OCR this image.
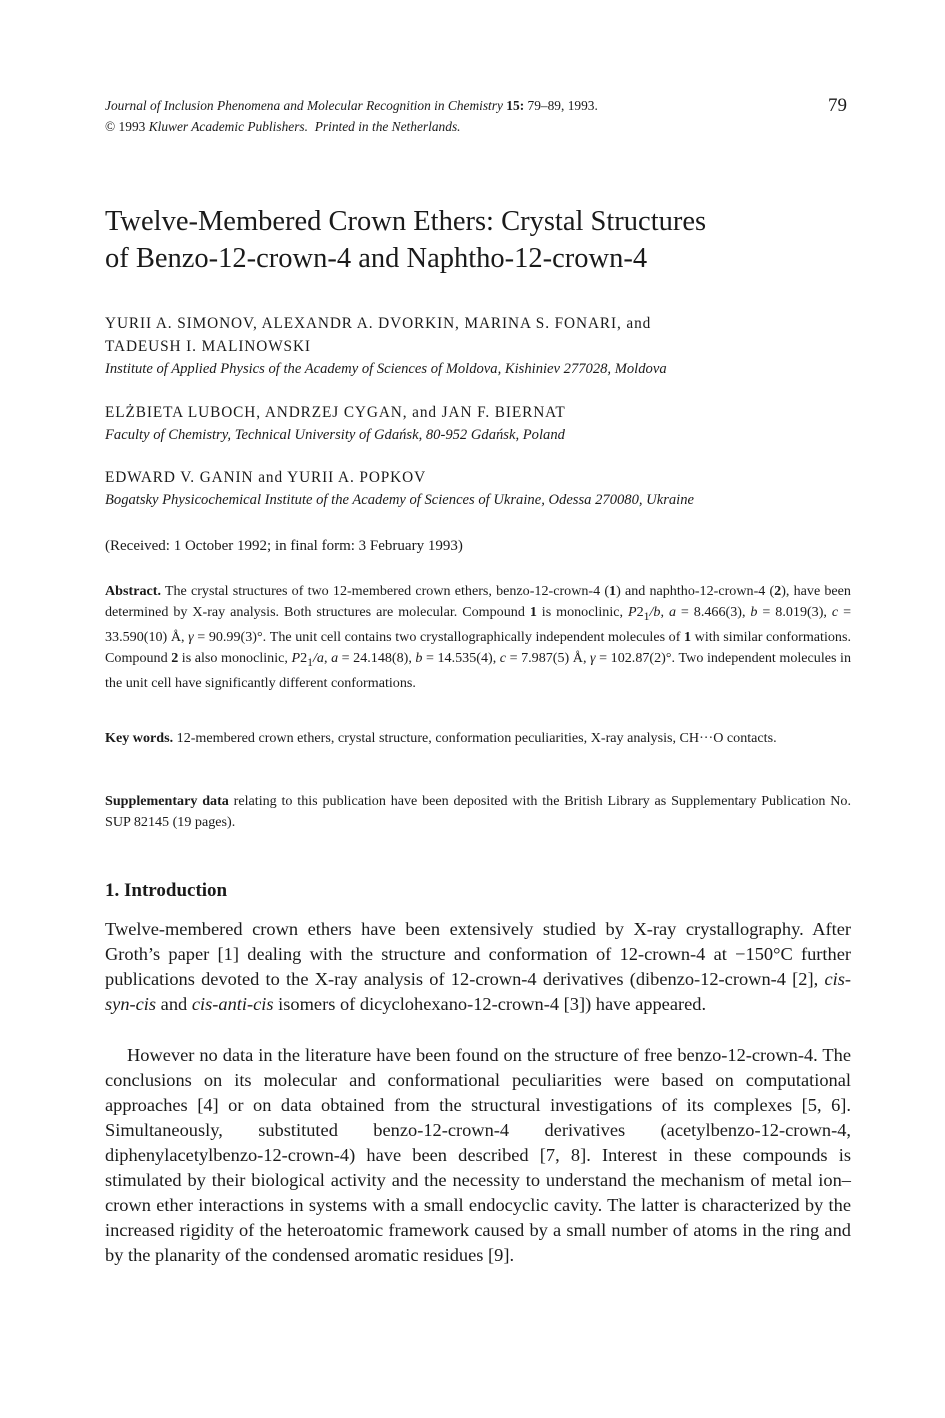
Journal of Inclusion Phenomena and Molecular Recognition in Chemistry 15: 79–89, 1993.
© 1993 Kluwer Academic Publishers. Printed in the Netherlands.
79
Twelve-Membered Crown Ethers: Crystal Structures
of Benzo-12-crown-4 and Naphtho-12-crown-4
YURII A. SIMONOV, ALEXANDR A. DVORKIN, MARINA S. FONARI, and
TADEUSH I. MALINOWSKI
Institute of Applied Physics of the Academy of Sciences of Moldova, Kishiniev 277028, Moldova
ELŻBIETA LUBOCH, ANDRZEJ CYGAN, and JAN F. BIERNAT
Faculty of Chemistry, Technical University of Gdańsk, 80-952 Gdańsk, Poland
EDWARD V. GANIN and YURII A. POPKOV
Bogatsky Physicochemical Institute of the Academy of Sciences of Ukraine, Odessa 270080, Ukraine
(Received: 1 October 1992; in final form: 3 February 1993)
Abstract. The crystal structures of two 12-membered crown ethers, benzo-12-crown-4 (1) and naphtho-12-crown-4 (2), have been determined by X-ray analysis. Both structures are molecular. Compound 1 is monoclinic, $P2_1/b$, a = 8.466(3), b = 8.019(3), c = 33.590(10) Å, γ = 90.99(3)°. The unit cell contains two crystallographically independent molecules of 1 with similar conformations. Compound 2 is also monoclinic, $P2_1/a$, a = 24.148(8), b = 14.535(4), c = 7.987(5) Å, γ = 102.87(2)°. Two independent molecules in the unit cell have significantly different conformations.
Key words. 12-membered crown ethers, crystal structure, conformation peculiarities, X-ray analysis, CH···O contacts.
Supplementary data relating to this publication have been deposited with the British Library as Supplementary Publication No. SUP 82145 (19 pages).
1. Introduction

Twelve-membered crown ethers have been extensively studied by X-ray crystallography. After Groth’s paper [1] dealing with the structure and conformation of 12-crown-4 at −150°C further publications devoted to the X-ray analysis of 12-crown-4 derivatives (dibenzo-12-crown-4 [2], cis-syn-cis and cis-anti-cis isomers of dicyclohexano-12-crown-4 [3]) have appeared.

However no data in the literature have been found on the structure of free benzo-12-crown-4. The conclusions on its molecular and conformational peculiarities were based on computational approaches [4] or on data obtained from the structural investigations of its complexes [5, 6]. Simultaneously, substituted benzo-12-crown-4 derivatives (acetylbenzo-12-crown-4, diphenylacetylbenzo-12-crown-4) have been described [7, 8]. Interest in these compounds is stimulated by their biological activity and the necessity to understand the mechanism of metal ion–crown ether interactions in systems with a small endocyclic cavity. The latter is characterized by the increased rigidity of the heteroatomic framework caused by a small number of atoms in the ring and by the planarity of the condensed aromatic residues [9].
